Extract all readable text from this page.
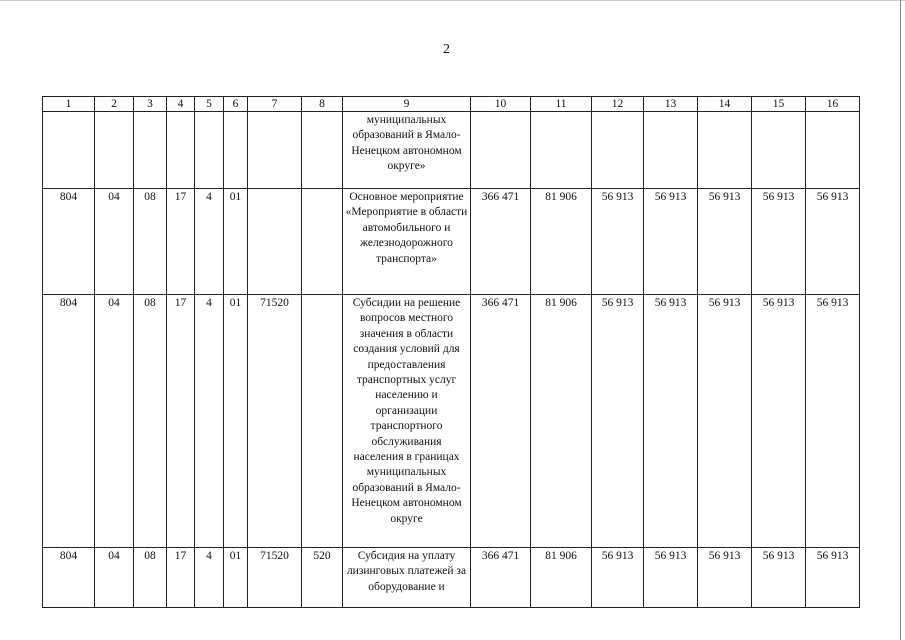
2
1	2	3	4	5	6	7	8	9	10	11	12	13	14	15	16
								муниципальных образований в Ямало-Ненецком автономном округе»							
804	04	08	17	4	01			Основное мероприятие «Мероприятие в области автомобильного и железнодорожного транспорта»	366 471	81 906	56 913	56 913	56 913	56 913	56 913
804	04	08	17	4	01	71520		Субсидии на решение вопросов местного значения в области создания условий для предоставления транспортных услуг населению и организации транспортного обслуживания населения в границах муниципальных образований в Ямало-Ненецком автономном округе	366 471	81 906	56 913	56 913	56 913	56 913	56 913
804	04	08	17	4	01	71520	520	Субсидия на уплату лизинговых платежей за оборудование и	366 471	81 906	56 913	56 913	56 913	56 913	56 913
